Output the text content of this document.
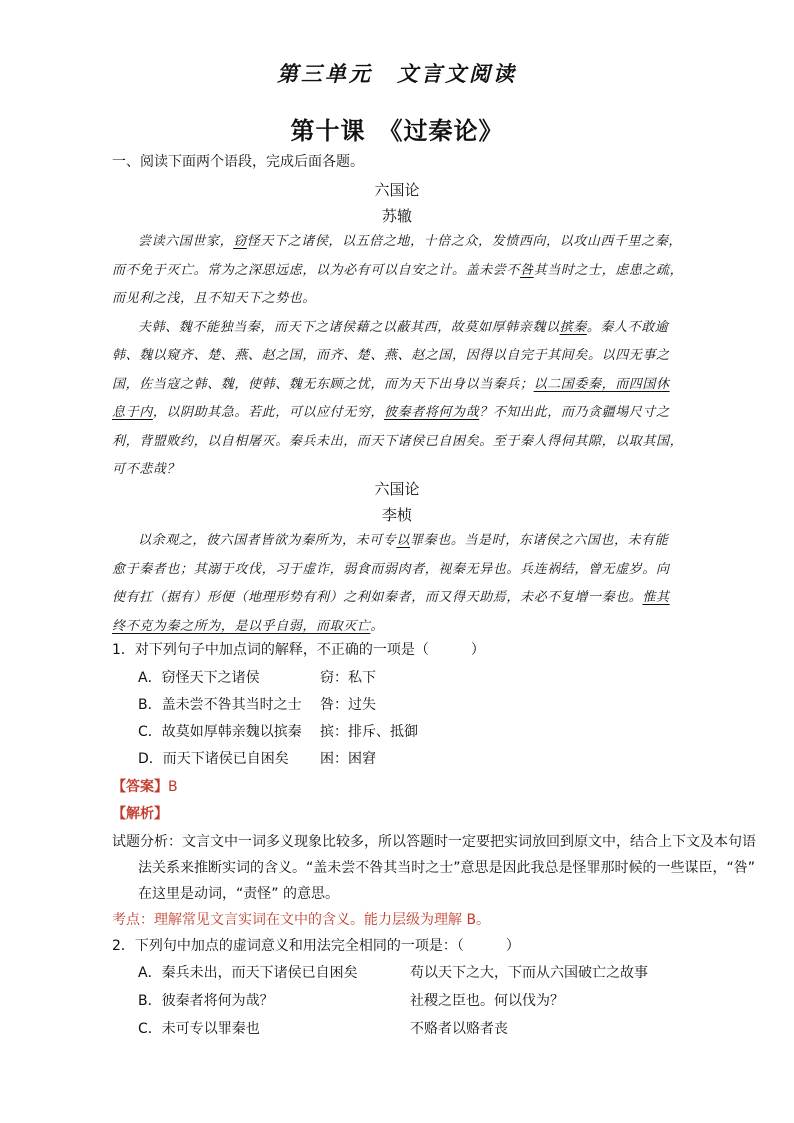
第三单元　文言文阅读
第十课　《过秦论》
一、阅读下面两个语段，完成后面各题。
六国论
苏辙
尝读六国世家，窃怪天下之诸侯，以五倍之地，十倍之众，发愤西向，以攻山西千里之秦，
而不免于灭亡。常为之深思远虑，以为必有可以自安之计。盖未尝不咎其当时之士，虑患之疏，
而见利之浅，且不知天下之势也。
夫韩、魏不能独当秦，而天下之诸侯藉之以蔽其西，故莫如厚韩亲魏以摈秦。秦人不敢逾
韩、魏以窥齐、楚、燕、赵之国，而齐、楚、燕、赵之国，因得以自完于其间矣。以四无事之
国，佐当寇之韩、魏，使韩、魏无东顾之忧，而为天下出身以当秦兵；以二国委秦，而四国休
息于内，以阴助其急。若此，可以应付无穷，彼秦者将何为哉？不知出此，而乃贪疆埸尺寸之
利，背盟败约，以自相屠灭。秦兵未出，而天下诸侯已自困矣。至于秦人得伺其隙，以取其国，
可不悲哉？
六国论
李桢
以余观之，彼六国者皆欲为秦所为，未可专以罪秦也。当是时，东诸侯之六国也，未有能
愈于秦者也；其溺于攻伐，习于虚诈，弱食而弱肉者，视秦无异也。兵连祸结，曾无虚岁。向
使有扛（据有）形便（地理形势有利）之利如秦者，而又得天助焉，未必不复增一秦也。惟其
终不克为秦之所为，是以乎自弱，而取灭亡。
1．对下列句子中加点词的解释，不正确的一项是（　　　）
A．窃怪天下之诸侯	窃：私下
B．盖未尝不咎其当时之士 咎：过失
C．故莫如厚韩亲魏以摈秦 摈：排斥、抵御
D．而天下诸侯已自困矣 困：困窘
【答案】B
【解析】
试题分析：文言文中一词多义现象比较多，所以答题时一定要把实词放回到原文中，结合上下文及本句语
法关系来推断实词的含义。“盖未尝不咎其当时之士”意思是因此我总是怪罪那时候的一些谋臣，“咎”
在这里是动词，“责怪” 的意思。
考点：理解常见文言实词在文中的含义。能力层级为理解 B。
2．下列句中加点的虚词意义和用法完全相同的一项是：（　　　）
A．秦兵未出，而天下诸侯已自困矣	苟以天下之大，下而从六国破亡之故事
B．彼秦者将何为哉？	社稷之臣也。何以伐为？
C．未可专以罪秦也	不赂者以赂者丧
